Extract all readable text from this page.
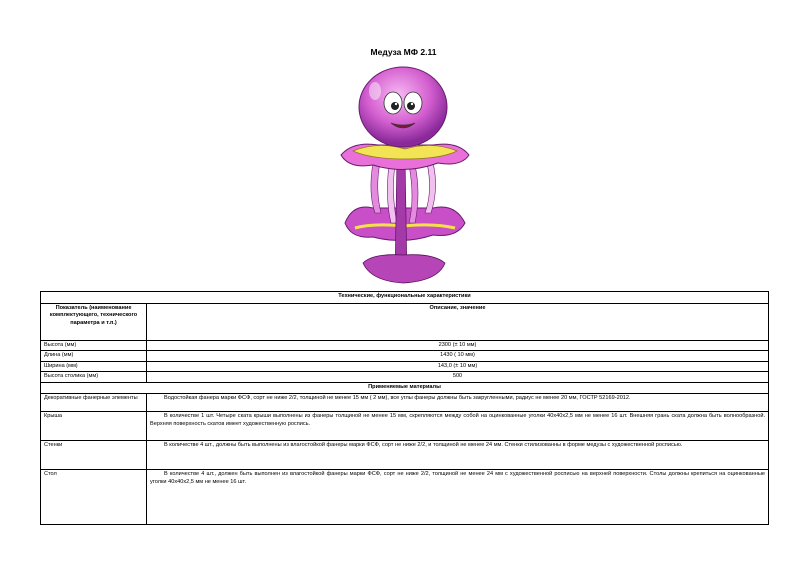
Медуза МФ 2.11
Технические, функциональные характеристики	
Показатель (наименование комплектующего, технического параметра и т.п.)	Описание, значение
Высота (мм)	2300 (± 10 мм)
Длина (мм)	1430 ( 10 мм)
Ширина (мм)	143,0 (± 10 мм)
Высота столика (мм)	500
Применяемые материалы	
Декоративные фанерные элементы	Водостойкая фанера марки ФСФ, сорт не ниже 2/2, толщиной не менее 15 мм ( 2 мм), все углы фанеры должны быть закругленными, радиус не менее 20 мм, ГОСТР 52169-2012.
Крыша	В количестве 1 шт. Четыре ската крыши выполнены из фанеры толщиной не менее 15 мм, скрепляются между собой на оцинкованные уголки 40х40х2,5 мм не менее 16 шт. Внешняя грань ската должна быть волнообразной. Верхняя поверхность скатов имеет художественную роспись.
Стенки	В количестве 4 шт., должны быть выполнены из влагостойкой фанеры марки ФСФ, сорт не ниже 2/2, и толщиной не менее 24 мм. Стенки стилизованны в форме медузы с художественной росписью.
Стол	В количестве 4 шт., должен быть выполнен из влагостойкой фанеры марки ФСФ, сорт не ниже 2/2, толщиной не менее 24 мм с художественной росписью на верхней поверхности. Столы должны крепиться на оцинкованные уголки 40х40х2,5 мм не менее 16 шт.
